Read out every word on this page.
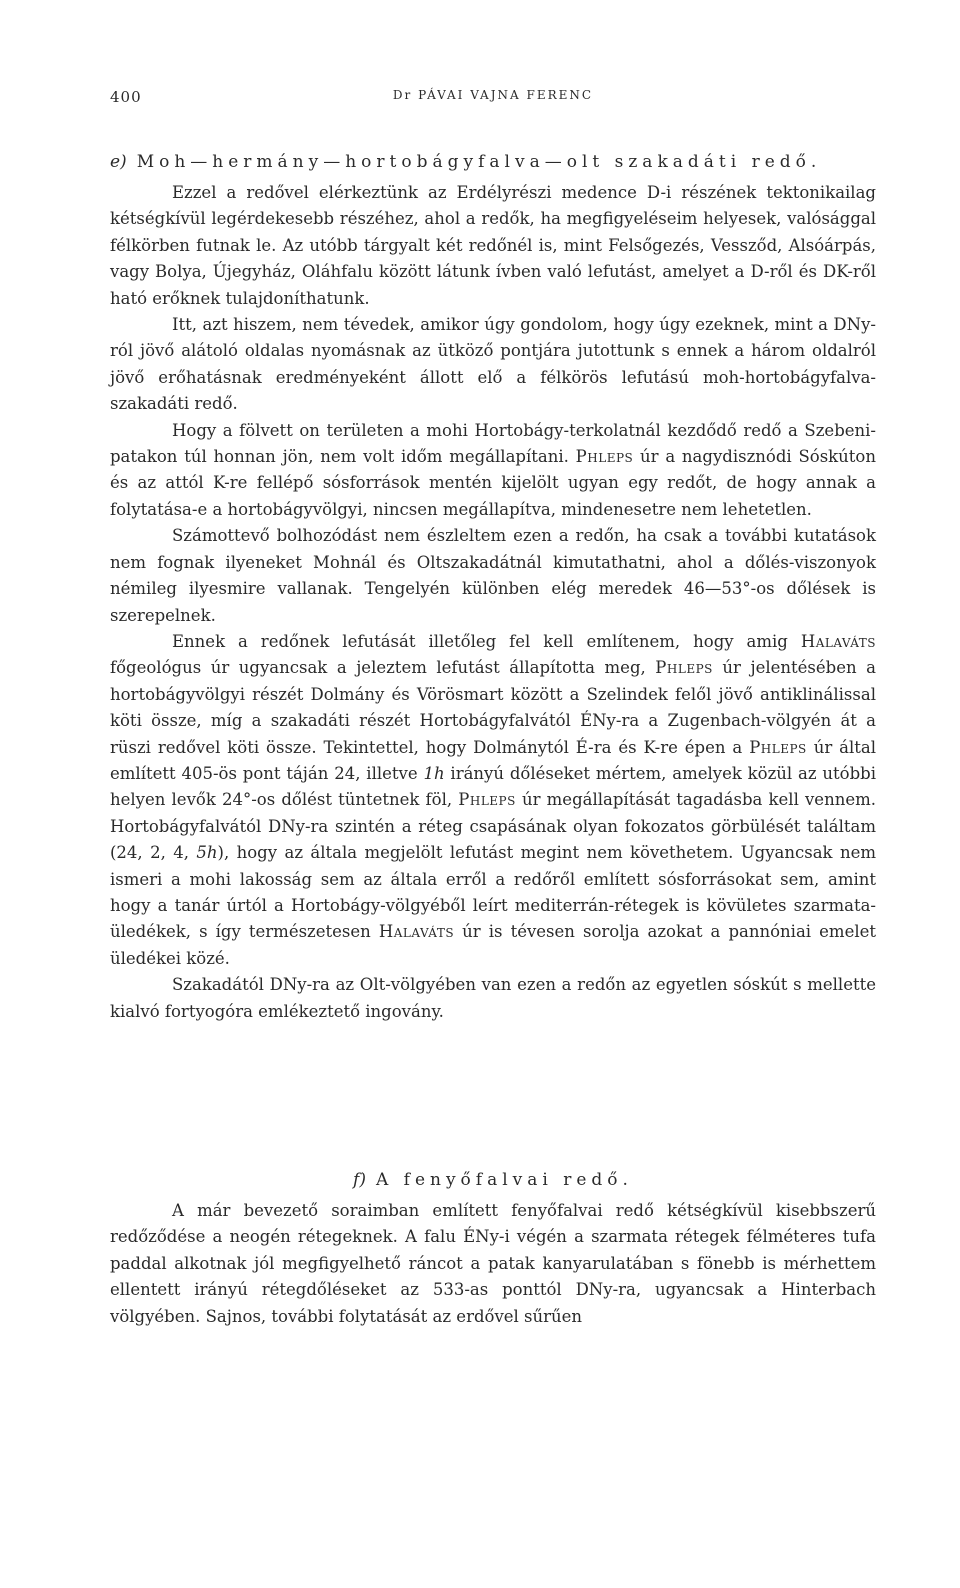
400	Dr PÁVAI VAJNA FERENC
e) Moh—hermány—hortobágyfalva—olt szakadáti redő.

Ezzel a redővel elérkeztünk az Erdélyrészi medence D-i részének tektonikailag kétségkívül legérdekesebb részéhez, ahol a redők, ha megfigyeléseim helyesek, valósággal félkörben futnak le. Az utóbb tárgyalt két redőnél is, mint Felsőgezés, Vessződ, Alsóárpás, vagy Bolya, Újegyház, Oláhfalu között látunk ívben való lefutást, amelyet a D-ről és DK-ről ható erőknek tulajdoníthatunk.

Itt, azt hiszem, nem tévedek, amikor úgy gondolom, hogy úgy ezeknek, mint a DNy-ról jövő alátoló oldalas nyomásnak az ütköző pontjára jutottunk s ennek a három oldalról jövő erőhatásnak eredményeként állott elő a félkörös lefutású moh-hortobágyfalva-szakadáti redő.

Hogy a fölvett on területen a mohi Hortobágy-terkolatnál kezdődő redő a Szebeni-patakon túl honnan jön, nem volt időm megállapítani. Phleps úr a nagydisznódi Sóskúton és az attól K-re fellépő sósforrások mentén kijelölt ugyan egy redőt, de hogy annak a folytatása-e a hortobágyvölgyi, nincsen megállapítva, mindenesetre nem lehetetlen.

Számottevő bolhozódást nem észleltem ezen a redőn, ha csak a további kutatások nem fognak ilyeneket Mohnál és Oltszakadátnál kimutathatni, ahol a dőlés-viszonyok némileg ilyesmire vallanak. Tengelyén különben elég meredek 46—53°-os dőlések is szerepelnek.

Ennek a redőnek lefutását illetőleg fel kell említenem, hogy amig Halaváts főgeológus úr ugyancsak a jeleztem lefutást állapította meg, Phleps úr jelentésében a hortobágyvölgyi részét Dolmány és Vörösmart között a Szelindek felől jövő antiklinálissal köti össze, míg a szakadáti részét Hortobágyfalvától ÉNy-ra a Zugenbach-völgyén át a rüszi redővel köti össze. Tekintettel, hogy Dolmánytól É-ra és K-re épen a Phleps úr által említett 405-ös pont táján 24, illetve 1h irányú dőléseket mértem, amelyek közül az utóbbi helyen levők 24°-os dőlést tüntetnek föl, Phleps úr megállapítását tagadásba kell vennem. Hortobágyfalvától DNy-ra szintén a réteg csapásának olyan fokozatos görbülését találtam (24, 2, 4, 5h), hogy az általa megjelölt lefutást megint nem követhetem. Ugyancsak nem ismeri a mohi lakosság sem az általa erről a redőről említett sósforrásokat sem, amint hogy a tanár úrtól a Hortobágy-völgyéből leírt mediterrán-rétegek is kövületes szarmata-üledékek, s így természetesen Halaváts úr is tévesen sorolja azokat a pannóniai emelet üledékei közé.

Szakadától DNy-ra az Olt-völgyében van ezen a redőn az egyetlen sóskút s mellette kialvó fortyogóra emlékeztető ingovány.

f) A fenyőfalvai redő.

A már bevezető soraimban említett fenyőfalvai redő kétségkívül kisebbszerű redőződése a neogén rétegeknek. A falu ÉNy-i végén a szarmata rétegek félméteres tufa paddal alkotnak jól megfigyelhető ráncot a patak kanyarulatában s fönebb is mérhettem ellentett irányú rétegdőléseket az 533-as ponttól DNy-ra, ugyancsak a Hinterbach völgyében. Sajnos, további folytatását az erdővel sűrűen
